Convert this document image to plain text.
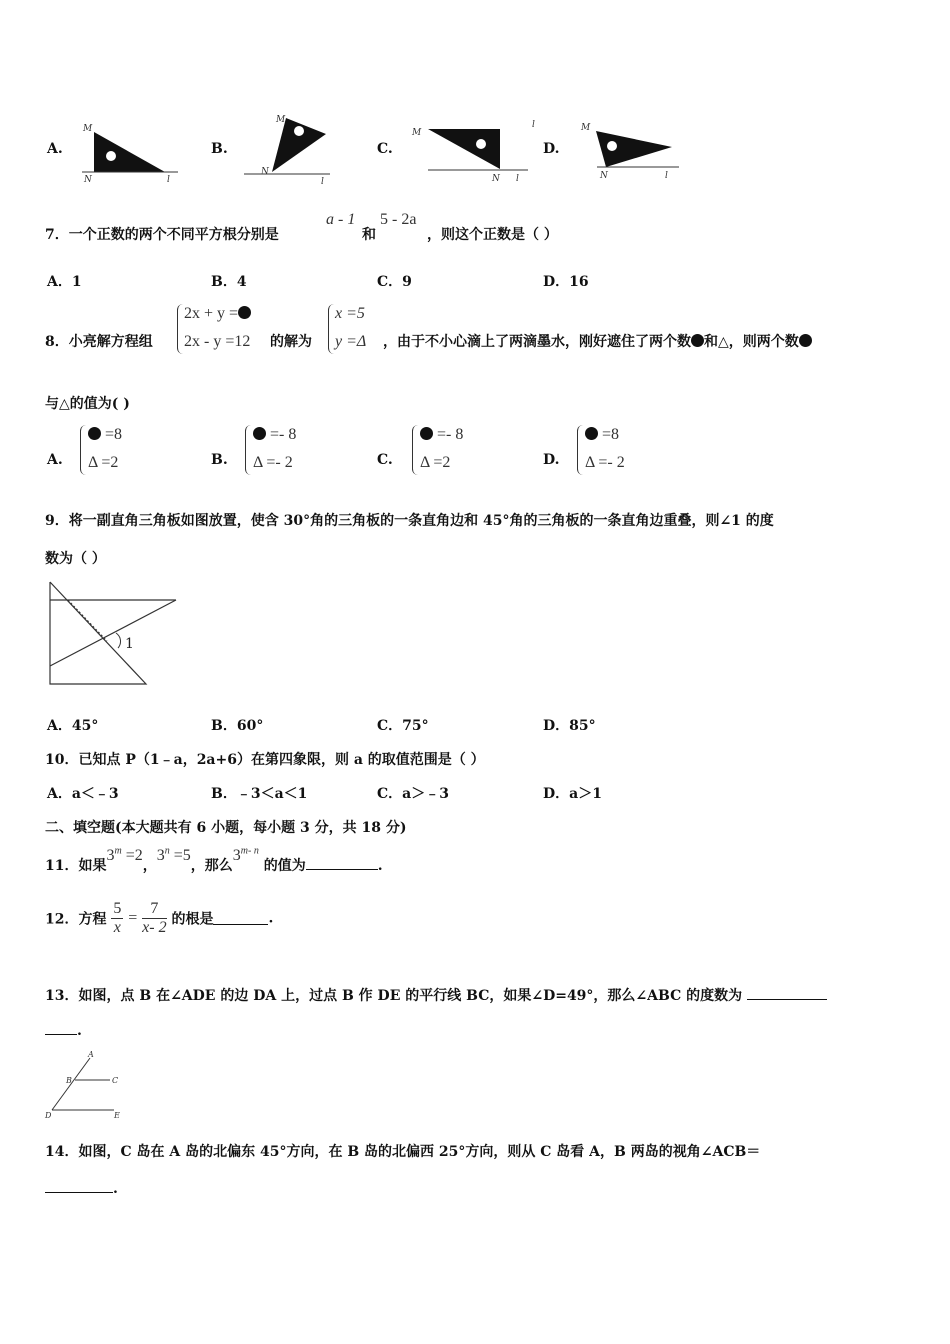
A.
M
N	l
B.
M
N
l
C.
M
N l
l
D.
M
N	l
7．一个正数的两个不同平方根分别是
a - 1
和
5 - 2a
，则这个正数是（ ）
A．1	B．4	C．9	D．16
8．小亮解方程组
2x + y =
2x - y =12 的解为
x =5
y =Δ ，由于不小心滴上了两滴墨水，刚好遮住了两个数 和△，则两个数
与△的值为( )
A.
=8
Δ =2	B.
=- 8
Δ =- 2	C.
=- 8
Δ =2	D.
=8
Δ =- 2
9．将一副直角三角板如图放置，使含 30°角的三角板的一条直角边和 45°角的三角板的一条直角边重叠，则∠1 的度
数为（ ）
1
A．45°	B．60°	C．75°	D．85°
10．已知点 P（1﹣a，2a+6）在第四象限，则 a 的取值范围是（ ）
A．a＜﹣3	B．﹣3＜a＜1	C．a＞﹣3	D．a＞1
二、填空题(本大题共有 6 小题，每小题 3 分，共 18 分)
11．如果$3^m =2$，$3^n =5$，那么3$^{m- n}$ 的值为	.
12．方程 $\frac{5}{x} = \frac{7}{x- 2}$ 的根是	.
13．如图，点 B 在∠ADE 的边 DA 上，过点 B 作 DE 的平行线 BC，如果∠D=49°，那么∠ABC 的度数为
.
A
B	C
D	E
14．如图，C 岛在 A 岛的北偏东 45°方向，在 B 岛的北偏西 25°方向，则从 C 岛看 A，B 两岛的视角∠ACB＝
.
